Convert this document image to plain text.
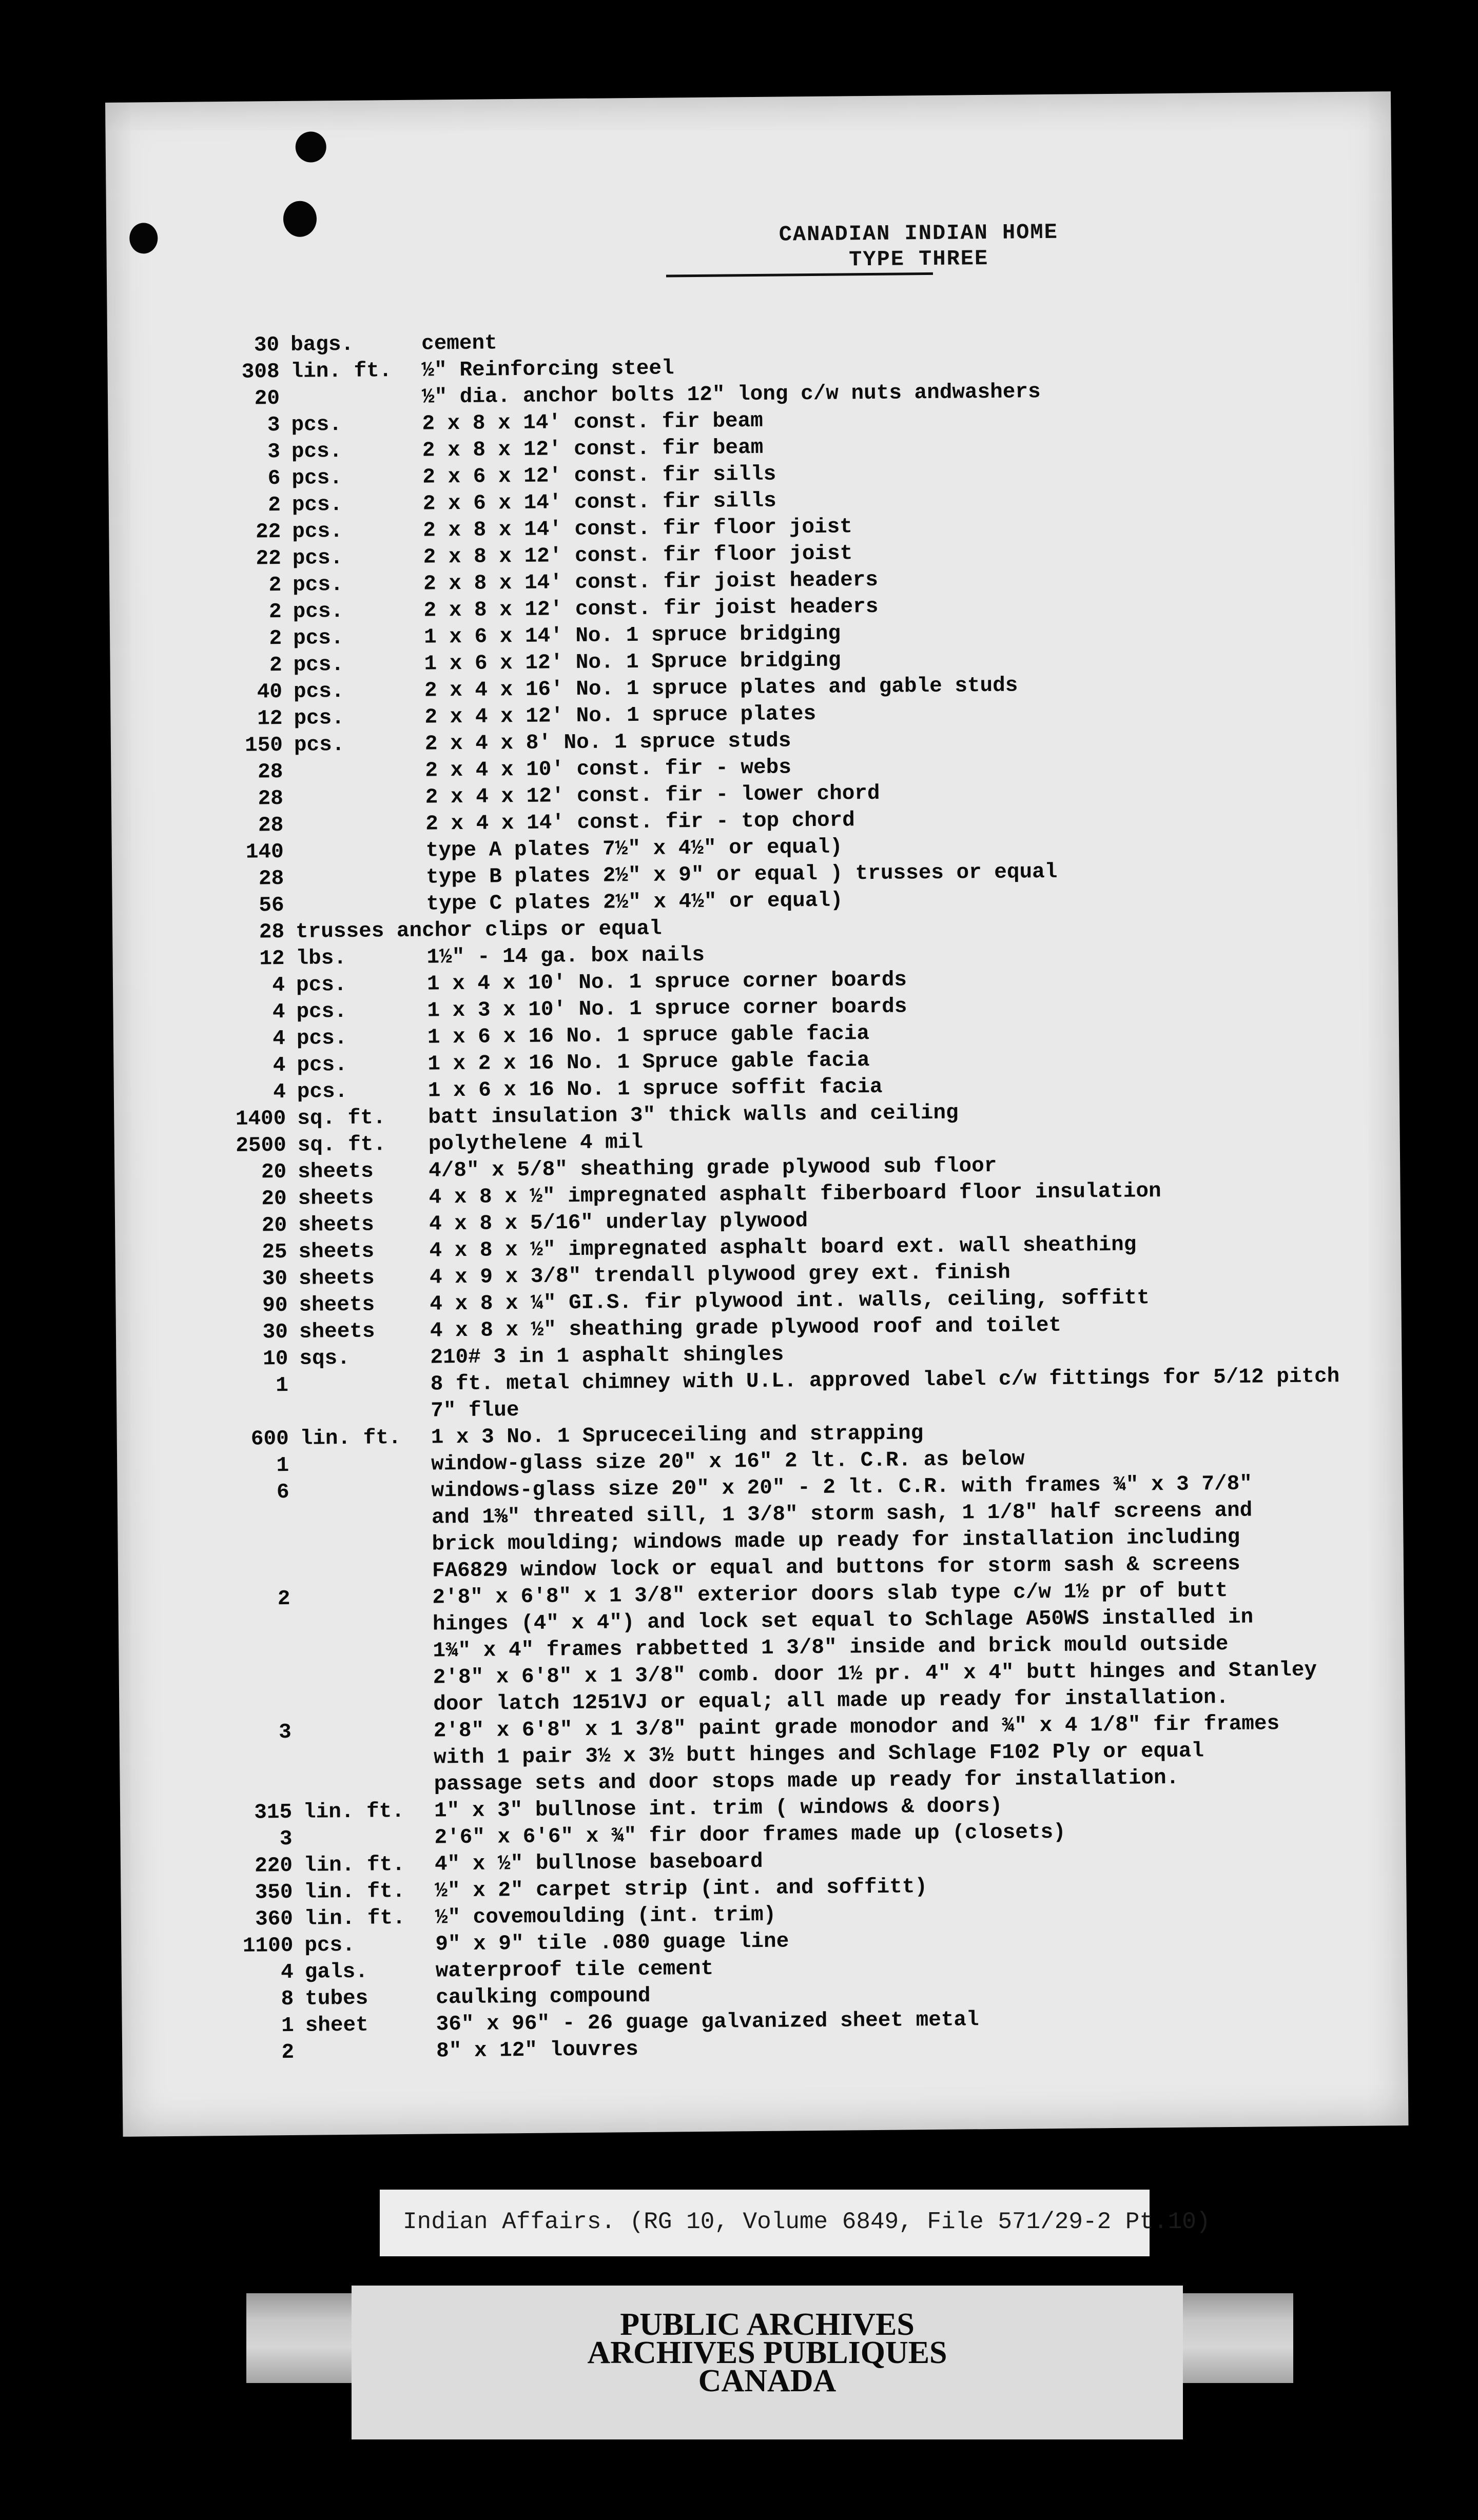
CANADIAN INDIAN HOME
TYPE THREE
30 bags.	cement
308 lin. ft.	½" Reinforcing steel
20	½" dia. anchor bolts 12" long c/w nuts andwashers
3 pcs.	2 x 8 x 14' const. fir beam
3 pcs.	2 x 8 x 12' const. fir beam
6 pcs.	2 x 6 x 12' const. fir sills
2 pcs.	2 x 6 x 14' const. fir sills
22 pcs.	2 x 8 x 14' const. fir floor joist
22 pcs.	2 x 8 x 12' const. fir floor joist
2 pcs.	2 x 8 x 14' const. fir joist headers
2 pcs.	2 x 8 x 12' const. fir joist headers
2 pcs.	1 x 6 x 14' No. 1 spruce bridging
2 pcs.	1 x 6 x 12' No. 1 Spruce bridging
40 pcs.	2 x 4 x 16' No. 1 spruce plates and gable studs
12 pcs.	2 x 4 x 12' No. 1 spruce plates
150 pcs.	2 x 4 x 8' No. 1 spruce studs
28	2 x 4 x 10' const. fir - webs
28	2 x 4 x 12' const. fir - lower chord
28	2 x 4 x 14' const. fir - top chord
140	type A plates 7½" x 4½" or equal)
28	type B plates 2½" x 9" or equal ) trusses or equal
56	type C plates 2½" x 4½" or equal)
28 trusses anchor clips or equal
12 lbs.	1½" - 14 ga. box nails
4 pcs.	1 x 4 x 10' No. 1 spruce corner boards
4 pcs.	1 x 3 x 10' No. 1 spruce corner boards
4 pcs.	1 x 6 x 16 No. 1 spruce gable facia
4 pcs.	1 x 2 x 16 No. 1 Spruce gable facia
4 pcs.	1 x 6 x 16 No. 1 spruce soffit facia
1400 sq. ft.	batt insulation 3" thick walls and ceiling
2500 sq. ft.	polythelene 4 mil
20 sheets	4/8" x 5/8" sheathing grade plywood sub floor
20 sheets	4 x 8 x ½" impregnated asphalt fiberboard floor insulation
20 sheets	4 x 8 x 5/16" underlay plywood
25 sheets	4 x 8 x ½" impregnated asphalt board ext. wall sheathing
30 sheets	4 x 9 x 3/8" trendall plywood grey ext. finish
90 sheets	4 x 8 x ¼" GI.S. fir plywood int. walls, ceiling, soffitt
30 sheets	4 x 8 x ½" sheathing grade plywood roof and toilet
10 sqs.	210# 3 in 1 asphalt shingles
1	8 ft. metal chimney with U.L. approved label c/w fittings for 5/12 pitch
7" flue
600 lin. ft.	1 x 3 No. 1 Spruceceiling and strapping
1	window-glass size 20" x 16" 2 lt. C.R. as below
6	windows-glass size 20" x 20" - 2 lt. C.R. with frames ¾" x 3 7/8"
and 1⅜" threated sill, 1 3/8" storm sash, 1 1/8" half screens and
brick moulding; windows made up ready for installation including
FA6829 window lock or equal and buttons for storm sash & screens
2	2'8" x 6'8" x 1 3/8" exterior doors slab type c/w 1½ pr of butt
hinges (4" x 4") and lock set equal to Schlage A50WS installed in
1¾" x 4" frames rabbetted 1 3/8" inside and brick mould outside
2'8" x 6'8" x 1 3/8" comb. door 1½ pr. 4" x 4" butt hinges and Stanley
door latch 1251VJ or equal; all made up ready for installation.
3	2'8" x 6'8" x 1 3/8" paint grade monodor and ¾" x 4 1/8" fir frames
with 1 pair 3½ x 3½ butt hinges and Schlage F102 Ply or equal
passage sets and door stops made up ready for installation.
315 lin. ft.	1" x 3" bullnose int. trim ( windows & doors)
3	2'6" x 6'6" x ¾" fir door frames made up (closets)
220 lin. ft.	4" x ½" bullnose baseboard
350 lin. ft.	½" x 2" carpet strip (int. and soffitt)
360 lin. ft.	½" covemoulding (int. trim)
1100 pcs.	9" x 9" tile .080 guage line
4 gals.	waterproof tile cement
8 tubes	caulking compound
1 sheet	36" x 96" - 26 guage galvanized sheet metal
2	8" x 12" louvres
Indian Affairs. (RG 10, Volume 6849, File 571/29-2 Pt.10)
PUBLIC ARCHIVES
ARCHIVES PUBLIQUES
CANADA
